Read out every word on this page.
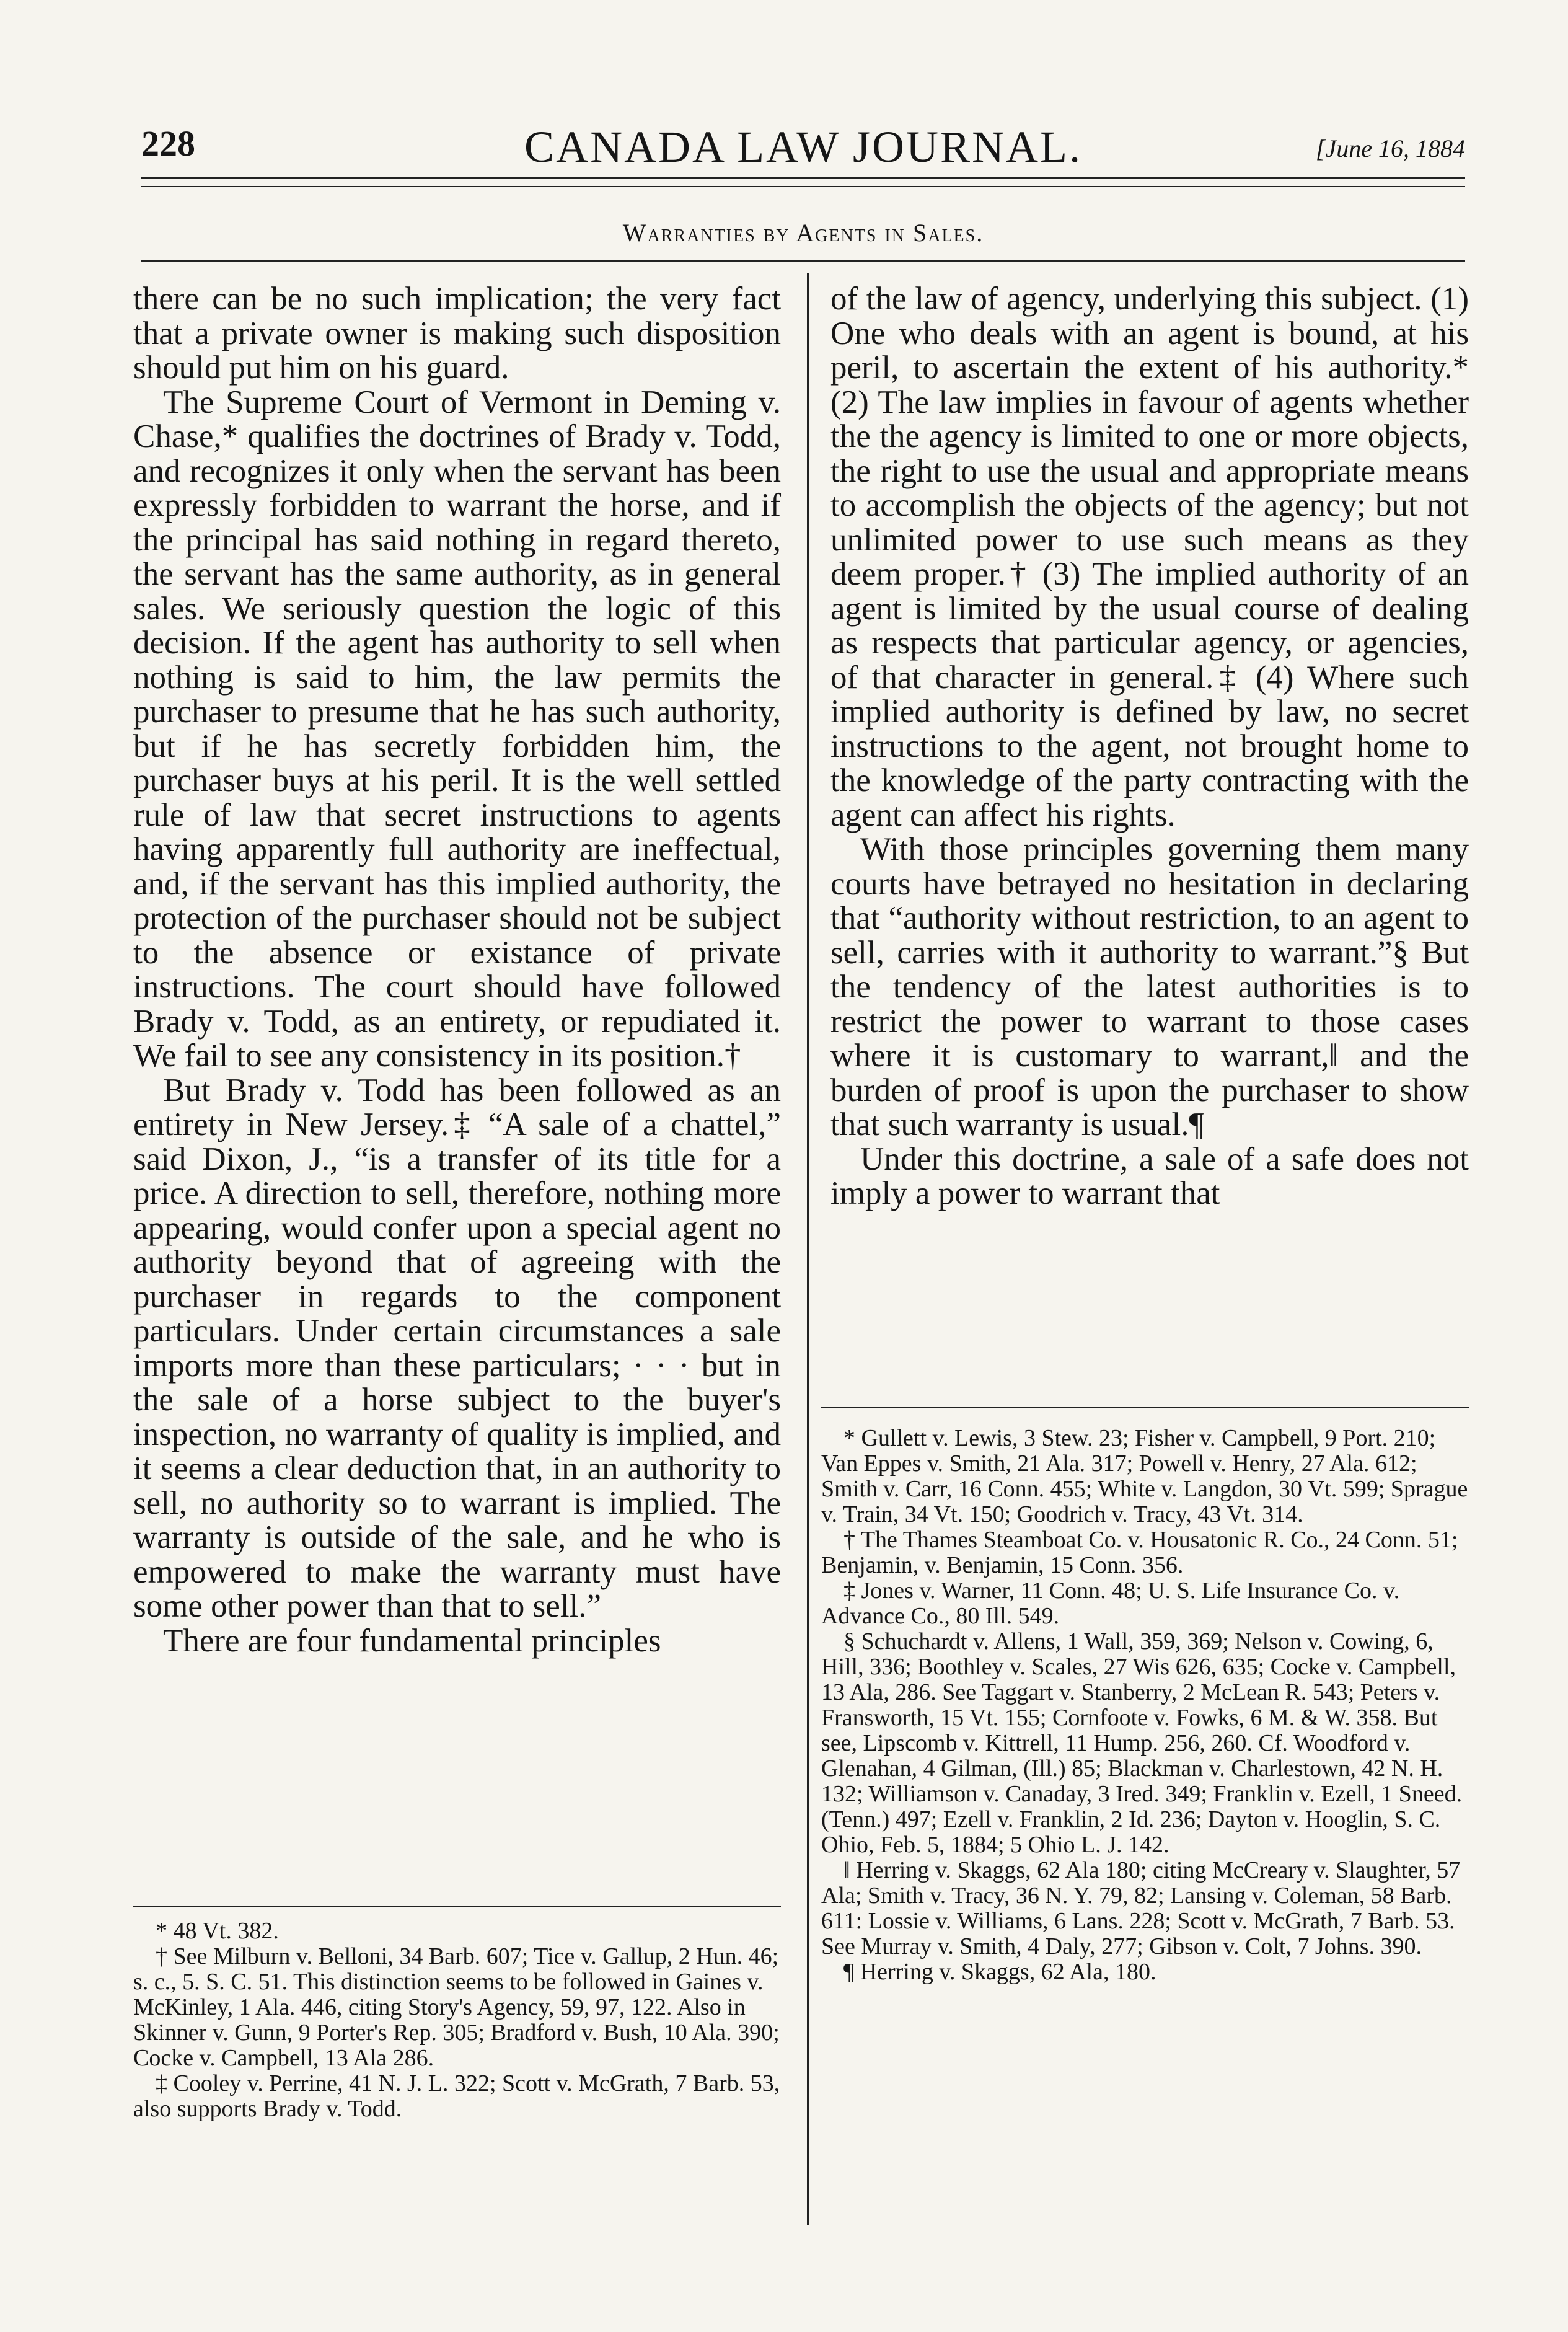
228	CANADA LAW JOURNAL.	[June 16, 1884
Warranties by Agents in Sales.

there can be no such implication; the very fact that a private owner is making such disposition should put him on his guard.

The Supreme Court of Vermont in Deming v. Chase,* qualifies the doctrines of Brady v. Todd, and recognizes it only when the servant has been expressly forbidden to warrant the horse, and if the principal has said nothing in regard thereto, the servant has the same authority, as in general sales. We seriously question the logic of this decision. If the agent has authority to sell when nothing is said to him, the law permits the purchaser to presume that he has such authority, but if he has secretly forbidden him, the purchaser buys at his peril. It is the well settled rule of law that secret instructions to agents having apparently full authority are ineffectual, and, if the servant has this implied authority, the protection of the purchaser should not be subject to the absence or existance of private instructions. The court should have followed Brady v. Todd, as an entirety, or repudiated it. We fail to see any consistency in its position.†

But Brady v. Todd has been followed as an entirety in New Jersey.‡ “A sale of a chattel,” said Dixon, J., “is a transfer of its title for a price. A direction to sell, therefore, nothing more appearing, would confer upon a special agent no authority beyond that of agreeing with the purchaser in regards to the component particulars. Under certain circumstances a sale imports more than these particulars; · · · but in the sale of a horse subject to the buyer's inspection, no warranty of quality is implied, and it seems a clear deduction that, in an authority to sell, no authority so to warrant is implied. The warranty is outside of the sale, and he who is empowered to make the warranty must have some other power than that to sell.”

There are four fundamental principles

* 48 Vt. 382.

† See Milburn v. Belloni, 34 Barb. 607; Tice v. Gallup, 2 Hun. 46; s. c., 5. S. C. 51. This distinction seems to be followed in Gaines v. McKinley, 1 Ala. 446, citing Story's Agency, 59, 97, 122. Also in Skinner v. Gunn, 9 Porter's Rep. 305; Bradford v. Bush, 10 Ala. 390; Cocke v. Campbell, 13 Ala 286.

‡ Cooley v. Perrine, 41 N. J. L. 322; Scott v. McGrath, 7 Barb. 53, also supports Brady v. Todd.

of the law of agency, underlying this subject. (1) One who deals with an agent is bound, at his peril, to ascertain the extent of his authority.* (2) The law implies in favour of agents whether the the agency is limited to one or more objects, the right to use the usual and appropriate means to accomplish the objects of the agency; but not unlimited power to use such means as they deem proper.† (3) The implied authority of an agent is limited by the usual course of dealing as respects that particular agency, or agencies, of that character in general.‡ (4) Where such implied authority is defined by law, no secret instructions to the agent, not brought home to the knowledge of the party contracting with the agent can affect his rights.

With those principles governing them many courts have betrayed no hesitation in declaring that “authority without restriction, to an agent to sell, carries with it authority to warrant.”§ But the tendency of the latest authorities is to restrict the power to warrant to those cases where it is customary to warrant,‖ and the burden of proof is upon the purchaser to show that such warranty is usual.¶

Under this doctrine, a sale of a safe does not imply a power to warrant that

* Gullett v. Lewis, 3 Stew. 23; Fisher v. Campbell, 9 Port. 210; Van Eppes v. Smith, 21 Ala. 317; Powell v. Henry, 27 Ala. 612; Smith v. Carr, 16 Conn. 455; White v. Langdon, 30 Vt. 599; Sprague v. Train, 34 Vt. 150; Goodrich v. Tracy, 43 Vt. 314.

† The Thames Steamboat Co. v. Housatonic R. Co., 24 Conn. 51; Benjamin, v. Benjamin, 15 Conn. 356.

‡ Jones v. Warner, 11 Conn. 48; U. S. Life Insurance Co. v. Advance Co., 80 Ill. 549.

§ Schuchardt v. Allens, 1 Wall, 359, 369; Nelson v. Cowing, 6, Hill, 336; Boothley v. Scales, 27 Wis 626, 635; Cocke v. Campbell, 13 Ala, 286. See Taggart v. Stanberry, 2 McLean R. 543; Peters v. Fransworth, 15 Vt. 155; Cornfoote v. Fowks, 6 M. & W. 358. But see, Lipscomb v. Kittrell, 11 Hump. 256, 260. Cf. Woodford v. Glenahan, 4 Gilman, (Ill.) 85; Blackman v. Charlestown, 42 N. H. 132; Williamson v. Canaday, 3 Ired. 349; Franklin v. Ezell, 1 Sneed. (Tenn.) 497; Ezell v. Franklin, 2 Id. 236; Dayton v. Hooglin, S. C. Ohio, Feb. 5, 1884; 5 Ohio L. J. 142.

‖ Herring v. Skaggs, 62 Ala 180; citing McCreary v. Slaughter, 57 Ala; Smith v. Tracy, 36 N. Y. 79, 82; Lansing v. Coleman, 58 Barb. 611: Lossie v. Williams, 6 Lans. 228; Scott v. McGrath, 7 Barb. 53. See Murray v. Smith, 4 Daly, 277; Gibson v. Colt, 7 Johns. 390.

¶ Herring v. Skaggs, 62 Ala, 180.
